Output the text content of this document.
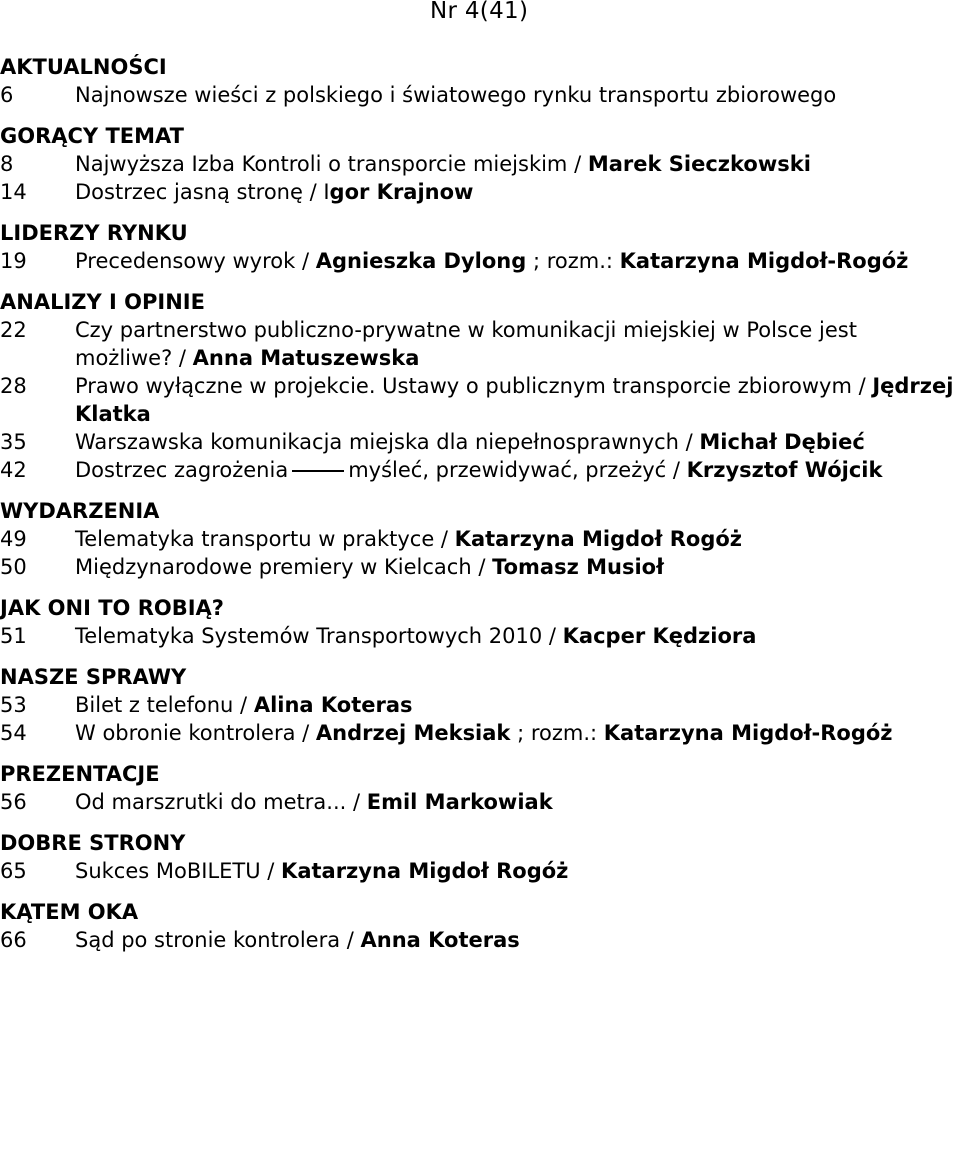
Nr 4(41)
AKTUALNOŚCI
6	Najnowsze wieści z polskiego i światowego rynku transportu zbiorowego
GORĄCY TEMAT
8	Najwyższa Izba Kontroli o transporcie miejskim / Marek Sieczkowski
14	Dostrzec jasną stronę / Igor Krajnow
LIDERZY RYNKU
19	Precedensowy wyrok / Agnieszka Dylong ; rozm.: Katarzyna Migdoł-Rogóż
ANALIZY I OPINIE
22	Czy partnerstwo publiczno-prywatne w komunikacji miejskiej w Polsce jest możliwe? / Anna Matuszewska
28	Prawo wyłączne w projekcie. Ustawy o publicznym transporcie zbiorowym / Jędrzej Klatka
35	Warszawska komunikacja miejska dla niepełnosprawnych / Michał Dębieć
42	Dostrzec zagrożenia	myśleć, przewidywać, przeżyć / Krzysztof Wójcik
WYDARZENIA
49	Telematyka transportu w praktyce / Katarzyna Migdoł Rogóż
50	Międzynarodowe premiery w Kielcach / Tomasz Musioł
JAK ONI TO ROBIĄ?
51	Telematyka Systemów Transportowych 2010 / Kacper Kędziora
NASZE SPRAWY
53	Bilet z telefonu / Alina Koteras
54	W obronie kontrolera / Andrzej Meksiak ; rozm.: Katarzyna Migdoł-Rogóż
PREZENTACJE
56	Od marszrutki do metra... / Emil Markowiak
DOBRE STRONY
65	Sukces MoBILETU / Katarzyna Migdoł Rogóż
KĄTEM OKA
66	Sąd po stronie kontrolera / Anna Koteras
